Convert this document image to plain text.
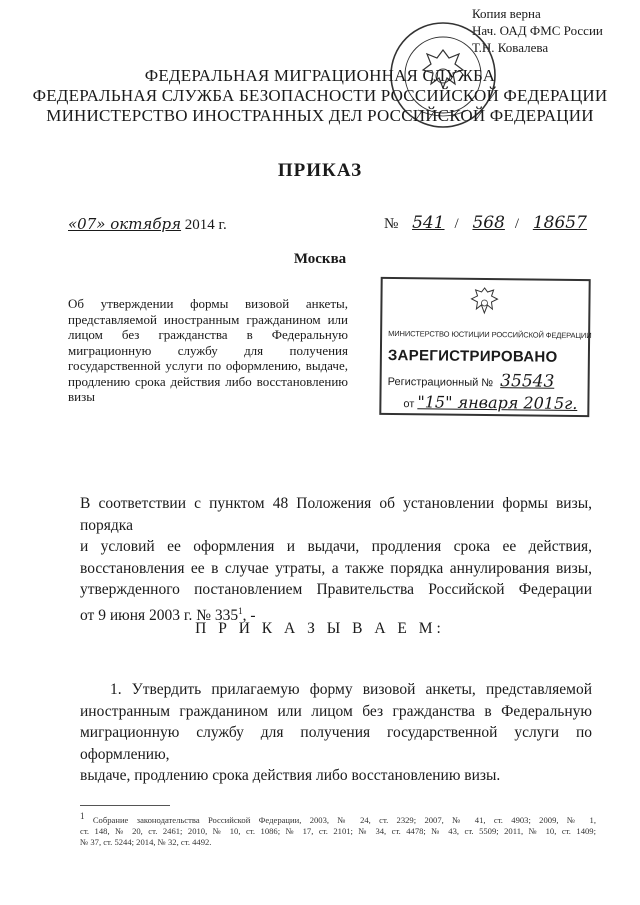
Копия верна
Нач. ОАД ФМС России
Т.Н. Ковалева
ФЕДЕРАЛЬНАЯ МИГРАЦИОННАЯ СЛУЖБА
ФЕДЕРАЛЬНАЯ СЛУЖБА БЕЗОПАСНОСТИ РОССИЙСКОЙ ФЕДЕРАЦИИ
МИНИСТЕРСТВО ИНОСТРАННЫХ ДЕЛ РОССИЙСКОЙ ФЕДЕРАЦИИ
ПРИКАЗ
«07» октября 2014 г.	№ 541 / 568 / 18657
Москва
Об утверждении формы визовой анкеты, представляемой иностранным гражданином или лицом без гражданства в Федеральную миграционную службу для получения государственной услуги по оформлению, выдаче, продлению срока действия либо восстановлению визы
МИНИСТЕРСТВО ЮСТИЦИИ РОССИЙСКОЙ ФЕДЕРАЦИИ
ЗАРЕГИСТРИРОВАНО
Регистрационный № 35543
от "15" января 2015г.
В соответствии с пунктом 48 Положения об установлении формы визы, порядка
и условий ее оформления и выдачи, продления срока ее действия,
восстановления ее в случае утраты, а также порядка аннулирования визы,
утвержденного постановлением Правительства Российской Федерации
от 9 июня 2003 г. № $335^1$, -
П Р И К А З Ы В А Е М:
1. Утвердить прилагаемую форму визовой анкеты, представляемой
иностранным гражданином или лицом без гражданства в Федеральную
миграционную службу для получения государственной услуги по оформлению,
выдаче, продлению срока действия либо восстановлению визы.
$^1$ Собрание законодательства Российской Федерации, 2003, № 24, ст. 2329; 2007, № 41, ст. 4903; 2009, № 1,
ст. 148, № 20, ст. 2461; 2010, № 10, ст. 1086; № 17, ст. 2101; № 34, ст. 4478; № 43, ст. 5509; 2011, № 10, ст. 1409;
№ 37, ст. 5244; 2014, № 32, ст. 4492.
